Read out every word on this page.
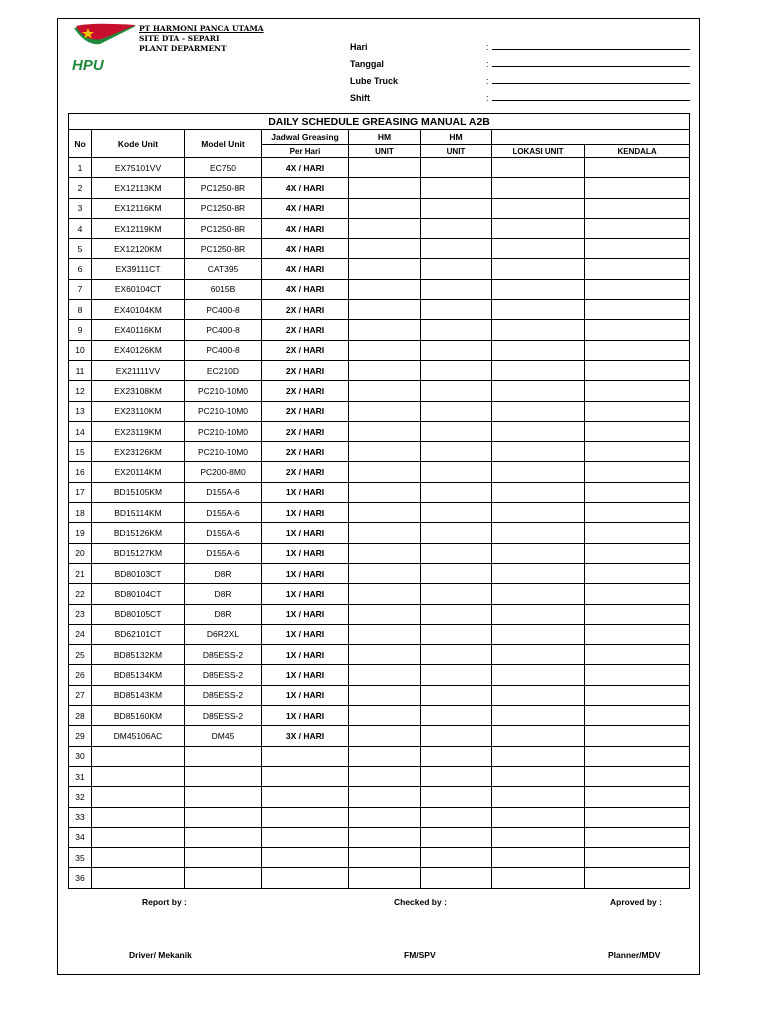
HPU
PT HARMONI PANCA UTAMA
SITE DTA - SEPARI
PLANT DEPARMENT	Hari	:
Tanggal	:
Lube Truck	:
Shift	:
DAILY SCHEDULE GREASING MANUAL A2B							
No	Kode Unit	Model Unit	Jadwal Greasing	HM	HM		
			Per Hari	UNIT	UNIT	LOKASI UNIT	KENDALA
1	EX75101VV	EC750	4X / HARI				
2	EX12113KM	PC1250-8R	4X / HARI				
3	EX12116KM	PC1250-8R	4X / HARI				
4	EX12119KM	PC1250-8R	4X / HARI				
5	EX12120KM	PC1250-8R	4X / HARI				
6	EX39111CT	CAT395	4X / HARI				
7	EX60104CT	6015B	4X / HARI				
8	EX40104KM	PC400-8	2X / HARI				
9	EX40116KM	PC400-8	2X / HARI				
10	EX40126KM	PC400-8	2X / HARI				
11	EX21111VV	EC210D	2X / HARI				
12	EX23108KM	PC210-10M0	2X / HARI				
13	EX23110KM	PC210-10M0	2X / HARI				
14	EX23119KM	PC210-10M0	2X / HARI				
15	EX23126KM	PC210-10M0	2X / HARI				
16	EX20114KM	PC200-8M0	2X / HARI				
17	BD15105KM	D155A-6	1X / HARI				
18	BD15114KM	D155A-6	1X / HARI				
19	BD15126KM	D155A-6	1X / HARI				
20	BD15127KM	D155A-6	1X / HARI				
21	BD80103CT	D8R	1X / HARI				
22	BD80104CT	D8R	1X / HARI				
23	BD80105CT	D8R	1X / HARI				
24	BD62101CT	D6R2XL	1X / HARI				
25	BD85132KM	D85ESS-2	1X / HARI				
26	BD85134KM	D85ESS-2	1X / HARI				
27	BD85143KM	D85ESS-2	1X / HARI				
28	BD85160KM	D85ESS-2	1X / HARI				
29	DM45106AC	DM45	3X / HARI				
30							
31							
32							
33							
34							
35							
36							
Report by :	Checked by :	Aproved by :
Driver/ Mekanik	FM/SPV	Planner/MDV
